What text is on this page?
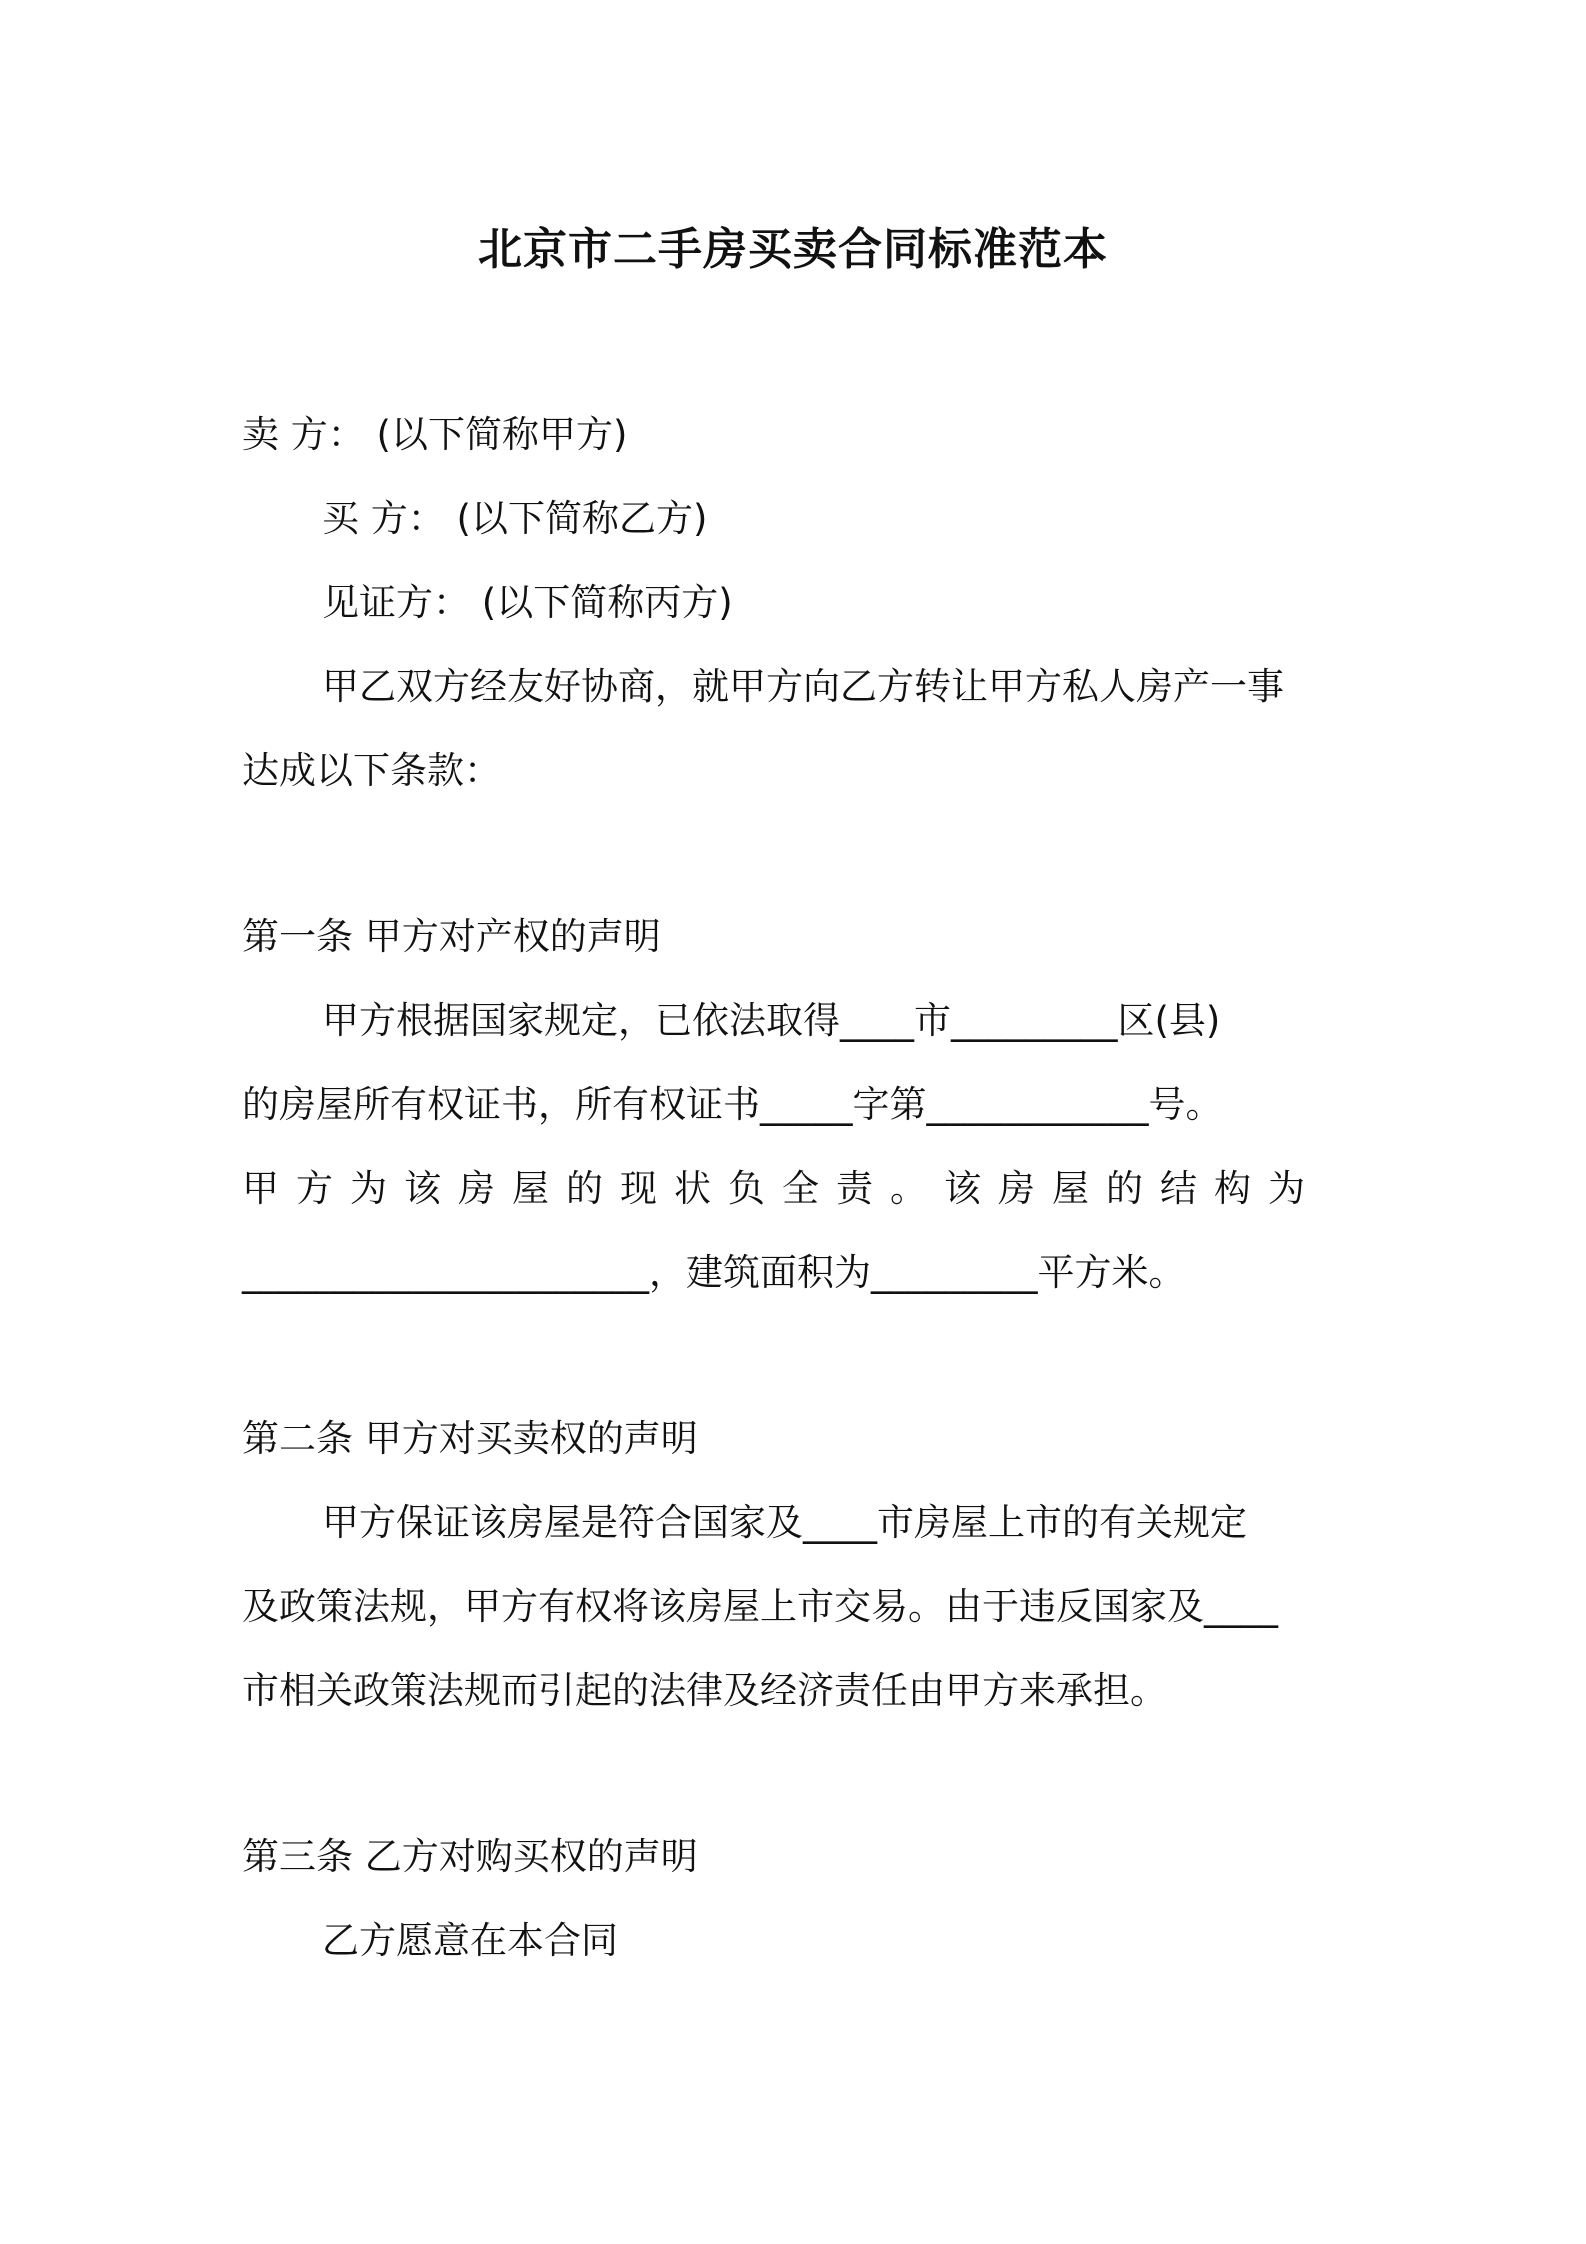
北京市二手房买卖合同标准范本
卖 方： (以下简称甲方)
买 方： (以下简称乙方)
见证方： (以下简称丙方)
甲乙双方经友好协商，就甲方向乙方转让甲方私人房产一事
达成以下条款：
第一条 甲方对产权的声明
甲方根据国家规定，已依法取得____市_________区(县)
的房屋所有权证书，所有权证书_____字第____________号。
甲方为该房屋的现状负全责。该房屋的结构为
______________________，建筑面积为_________平方米。
第二条 甲方对买卖权的声明
甲方保证该房屋是符合国家及____市房屋上市的有关规定
及政策法规，甲方有权将该房屋上市交易。由于违反国家及____
市相关政策法规而引起的法律及经济责任由甲方来承担。
第三条 乙方对购买权的声明
乙方愿意在本合同
